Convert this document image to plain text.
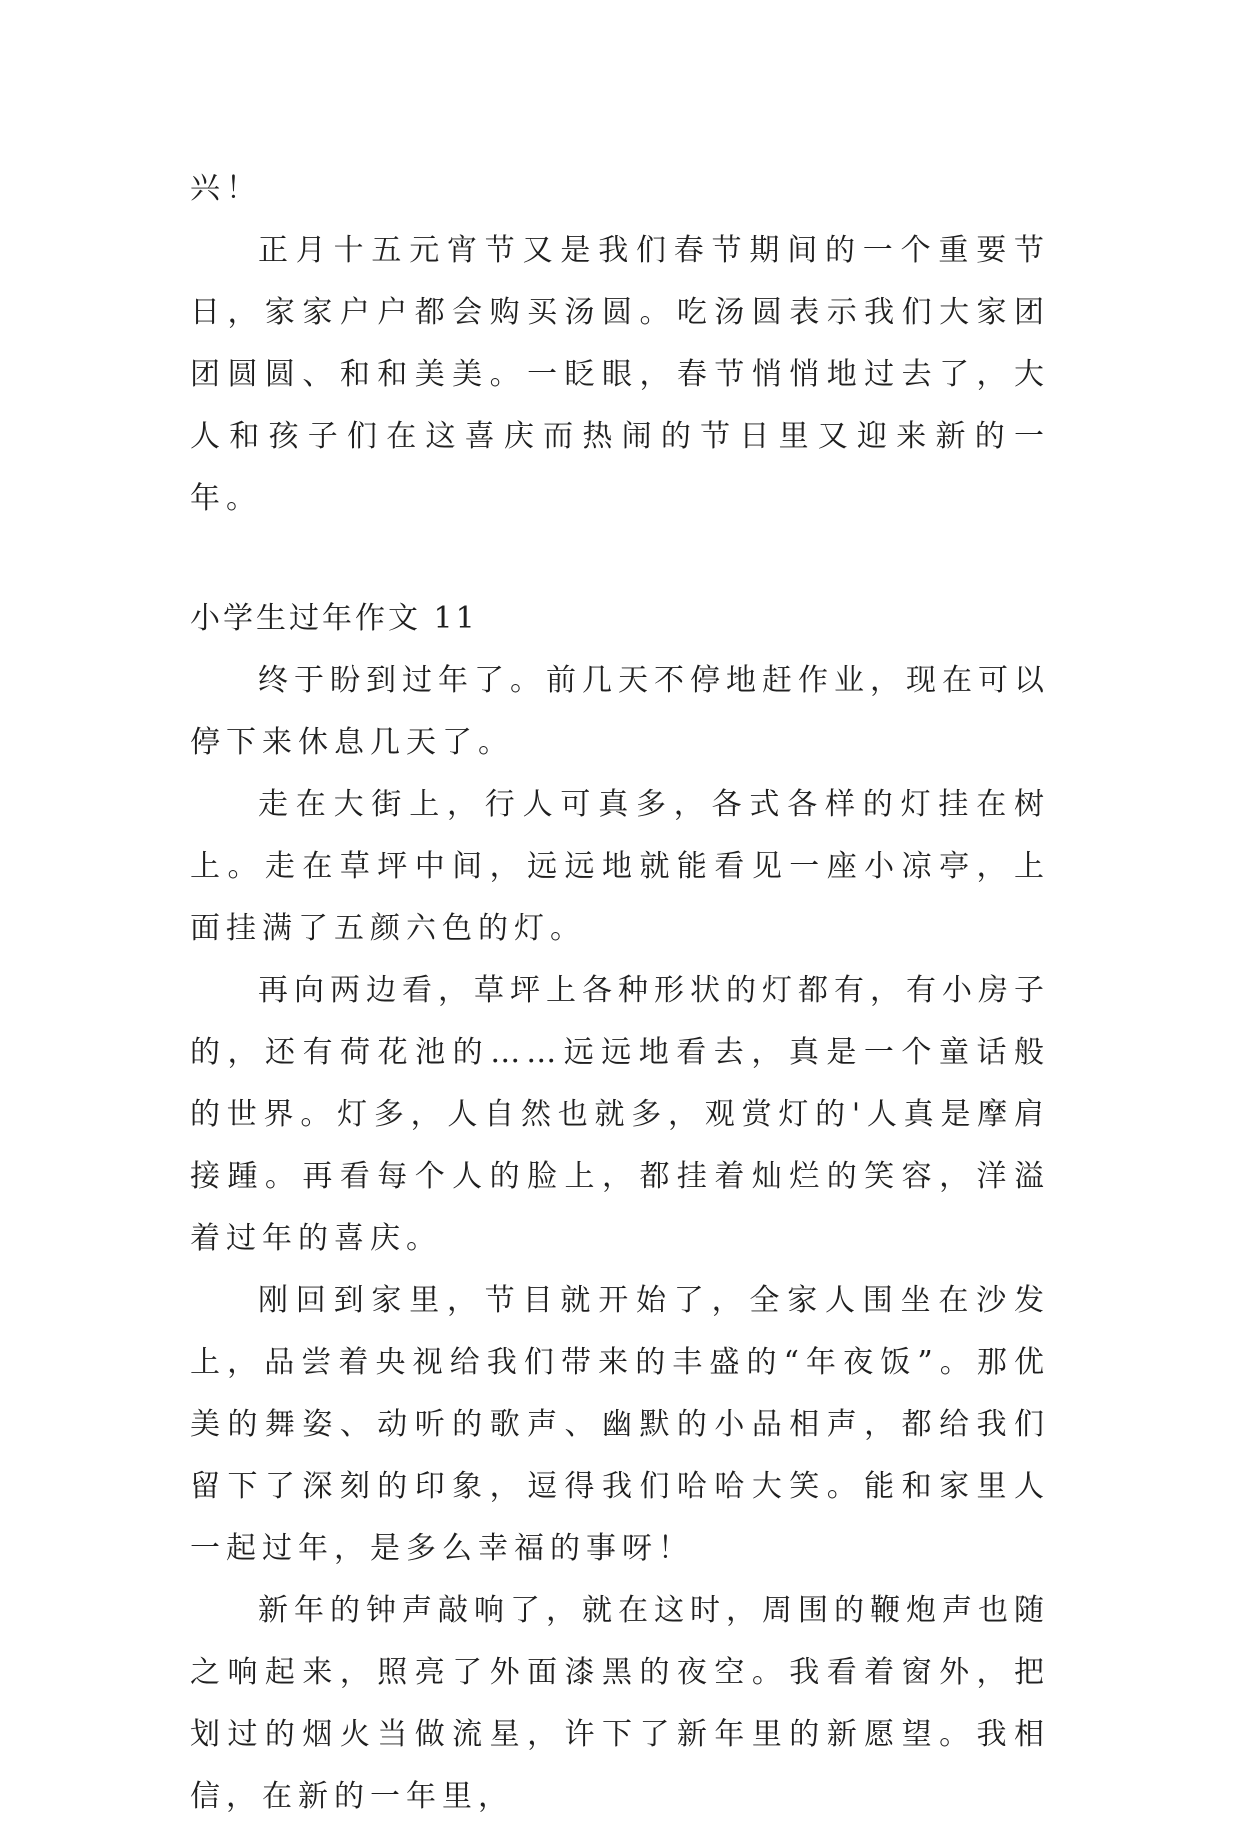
兴！

正月十五元宵节又是我们春节期间的一个重要节日，家家户户都会购买汤圆。吃汤圆表示我们大家团团圆圆、和和美美。一眨眼，春节悄悄地过去了，大人和孩子们在这喜庆而热闹的节日里又迎来新的一年。

小学生过年作文 11

终于盼到过年了。前几天不停地赶作业，现在可以停下来休息几天了。

走在大街上，行人可真多，各式各样的灯挂在树上。走在草坪中间，远远地就能看见一座小凉亭，上面挂满了五颜六色的灯。

再向两边看，草坪上各种形状的灯都有，有小房子的，还有荷花池的……远远地看去，真是一个童话般的世界。灯多，人自然也就多，观赏灯的'人真是摩肩接踵。再看每个人的脸上，都挂着灿烂的笑容，洋溢着过年的喜庆。

刚回到家里，节目就开始了，全家人围坐在沙发上，品尝着央视给我们带来的丰盛的“年夜饭”。那优美的舞姿、动听的歌声、幽默的小品相声，都给我们留下了深刻的印象，逗得我们哈哈大笑。能和家里人一起过年，是多么幸福的事呀！

新年的钟声敲响了，就在这时，周围的鞭炮声也随之响起来，照亮了外面漆黑的夜空。我看着窗外，把划过的烟火当做流星，许下了新年里的新愿望。我相信，在新的一年里，
